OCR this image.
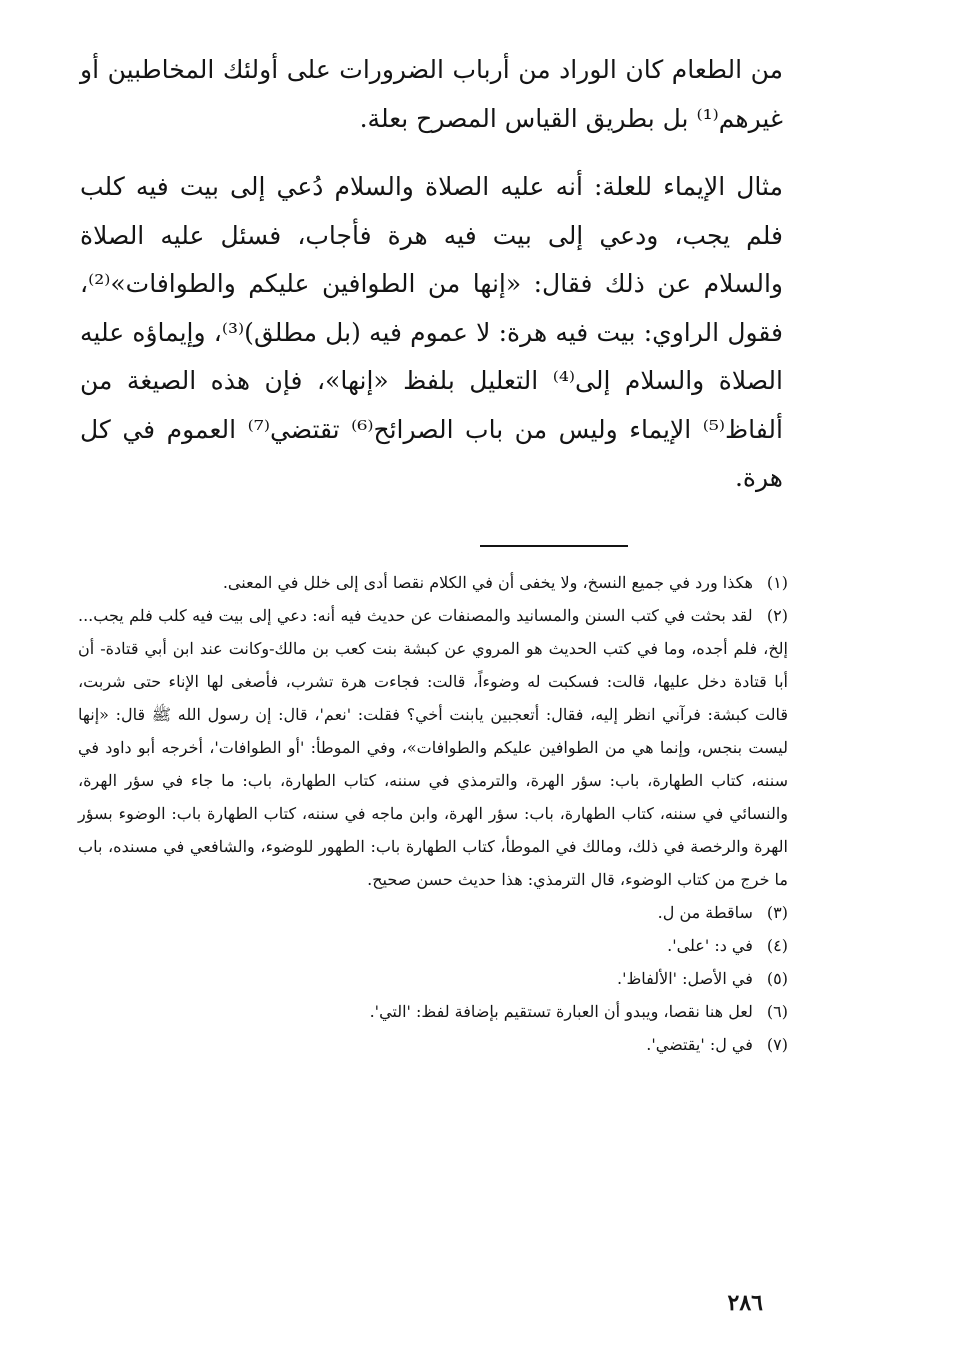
من الطعام كان الوراد من أرباب الضرورات على أولئك المخاطبين أو غيرهم⁽¹⁾ بل بطريق القياس المصرح بعلة.

مثال الإيماء للعلة: أنه عليه الصلاة والسلام دُعي إلى بيت فيه كلب فلم يجب، ودعي إلى بيت فيه هرة فأجاب، فسئل عليه الصلاة والسلام عن ذلك فقال: «إنها من الطوافين عليكم والطوافات»⁽²⁾، فقول الراوي: بيت فيه هرة: لا عموم فيه (بل مطلق)⁽³⁾، وإيماؤه عليه الصلاة والسلام إلى⁽⁴⁾ التعليل بلفظ «إنها»، فإن هذه الصيغة من ألفاظ⁽⁵⁾ الإيماء وليس من باب الصرائح⁽⁶⁾ تقتضي⁽⁷⁾ العموم في كل هرة.

(١) هكذا ورد في جميع النسخ، ولا يخفى أن في الكلام نقصا أدى إلى خلل في المعنى.

(٢) لقد بحثت في كتب السنن والمسانيد والمصنفات عن حديث فيه أنه: دعي إلى بيت فيه كلب فلم يجب... إلخ، فلم أجده، وما في كتب الحديث هو المروي عن كبشة بنت كعب بن مالك-وكانت عند ابن أبي قتادة- أن أبا قتادة دخل عليها، قالت: فسكبت له وضوءاً، قالت: فجاءت هرة تشرب، فأصغى لها الإناء حتى شربت، قالت كبشة: فرآني انظر إليه، فقال: أتعجبين يابنت أخي؟ فقلت: 'نعم'، قال: إن رسول الله ﷺ قال: «إنها ليست بنجس، وإنما هي من الطوافين عليكم والطوافات»، وفي الموطأ: 'أو الطوافات'، أخرجه أبو داود في سننه، كتاب الطهارة، باب: سؤر الهرة، والترمذي في سننه، كتاب الطهارة، باب: ما جاء في سؤر الهرة، والنسائي في سننه، كتاب الطهارة، باب: سؤر الهرة، وابن ماجه في سننه، كتاب الطهارة باب: الوضوء بسؤر الهرة والرخصة في ذلك، ومالك في الموطأ، كتاب الطهارة باب: الطهور للوضوء، والشافعي في مسنده، باب ما خرج من كتاب الوضوء، قال الترمذي: هذا حديث حسن صحيح.

(٣) ساقطة من ل.

(٤) في د: 'على'.

(٥) في الأصل: 'الألفاظ'.

(٦) لعل هنا نقصا، ويبدو أن العبارة تستقيم بإضافة لفظ: 'التي'.

(٧) في ل: 'يقتضي'.

٢٨٦
